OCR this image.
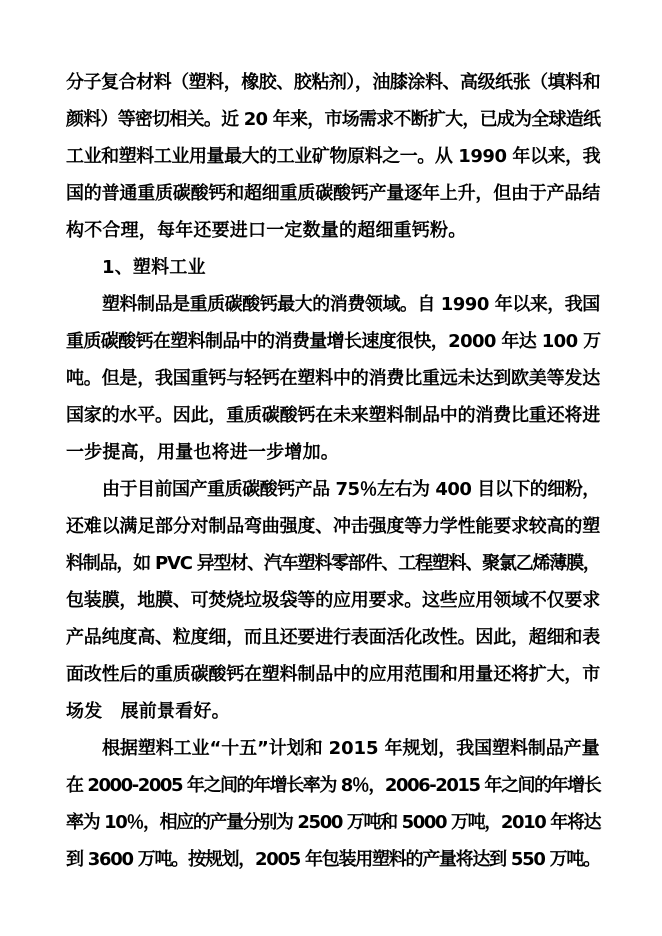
分子复合材料（塑料，橡胶、胶粘剂），油膝涂料、高级纸张（填料和
颜料）等密切相关。近 20 年来，市场需求不断扩大，已成为全球造纸
工业和塑料工业用量最大的工业矿物原料之一。从 1990 年以来，我
国的普通重质碳酸钙和超细重质碳酸钙产量逐年上升，但由于产品结
构不合理，每年还要进口一定数量的超细重钙粉。
1、塑料工业
塑料制品是重质碳酸钙最大的消费领域。自 1990 年以来，我国
重质碳酸钙在塑料制品中的消费量增长速度很快，2000 年达 100 万
吨。但是，我国重钙与轻钙在塑料中的消费比重远未达到欧美等发达
国家的水平。因此，重质碳酸钙在未来塑料制品中的消费比重还将进
一步提高，用量也将进一步增加。
由于目前国产重质碳酸钙产品 75％左右为 400 目以下的细粉，
还难以满足部分对制品弯曲强度、冲击强度等力学性能要求较高的塑
料制品，如 PVC 异型材、汽车塑料零部件、工程塑料、聚氯乙烯薄膜，
包装膜，地膜、可焚烧垃圾袋等的应用要求。这些应用领域不仅要求
产品纯度高、粒度细，而且还要进行表面活化改性。因此，超细和表
面改性后的重质碳酸钙在塑料制品中的应用范围和用量还将扩大，市
场发　展前景看好。
根据塑料工业“十五”计划和 2015 年规划，我国塑料制品产量
在 2000-2005 年之间的年增长率为 8％，2006-2015 年之间的年增长
率为 10％，相应的产量分别为 2500 万吨和 5000 万吨，2010 年将达
到 3600 万吨。按规划，2005 年包装用塑料的产量将达到 550 万吨。
